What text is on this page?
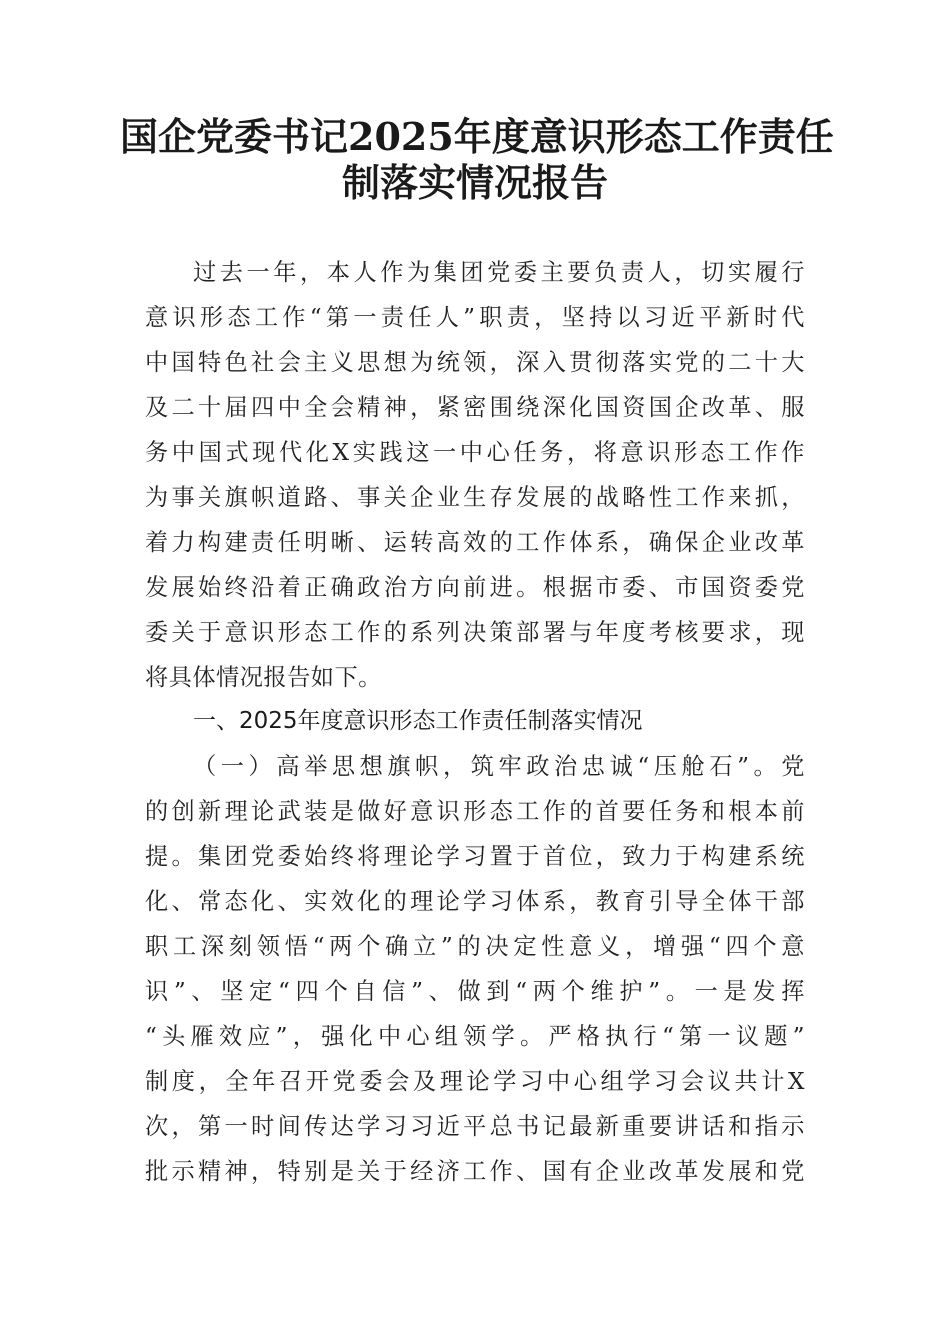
国企党委书记2025年度意识形态工作责任
制落实情况报告
过去一年，本人作为集团党委主要负责人，切实履行
意识形态工作“第一责任人”职责，坚持以习近平新时代
中国特色社会主义思想为统领，深入贯彻落实党的二十大
及二十届四中全会精神，紧密围绕深化国资国企改革、服
务中国式现代化X实践这一中心任务，将意识形态工作作
为事关旗帜道路、事关企业生存发展的战略性工作来抓，
着力构建责任明晰、运转高效的工作体系，确保企业改革
发展始终沿着正确政治方向前进。根据市委、市国资委党
委关于意识形态工作的系列决策部署与年度考核要求，现
将具体情况报告如下。
一、2025年度意识形态工作责任制落实情况
（一）高举思想旗帜，筑牢政治忠诚“压舱石”。党
的创新理论武装是做好意识形态工作的首要任务和根本前
提。集团党委始终将理论学习置于首位，致力于构建系统
化、常态化、实效化的理论学习体系，教育引导全体干部
职工深刻领悟“两个确立”的决定性意义，增强“四个意
识”、坚定“四个自信”、做到“两个维护”。一是发挥
“头雁效应”，强化中心组领学。严格执行“第一议题”
制度，全年召开党委会及理论学习中心组学习会议共计X
次，第一时间传达学习习近平总书记最新重要讲话和指示
批示精神，特别是关于经济工作、国有企业改革发展和党
